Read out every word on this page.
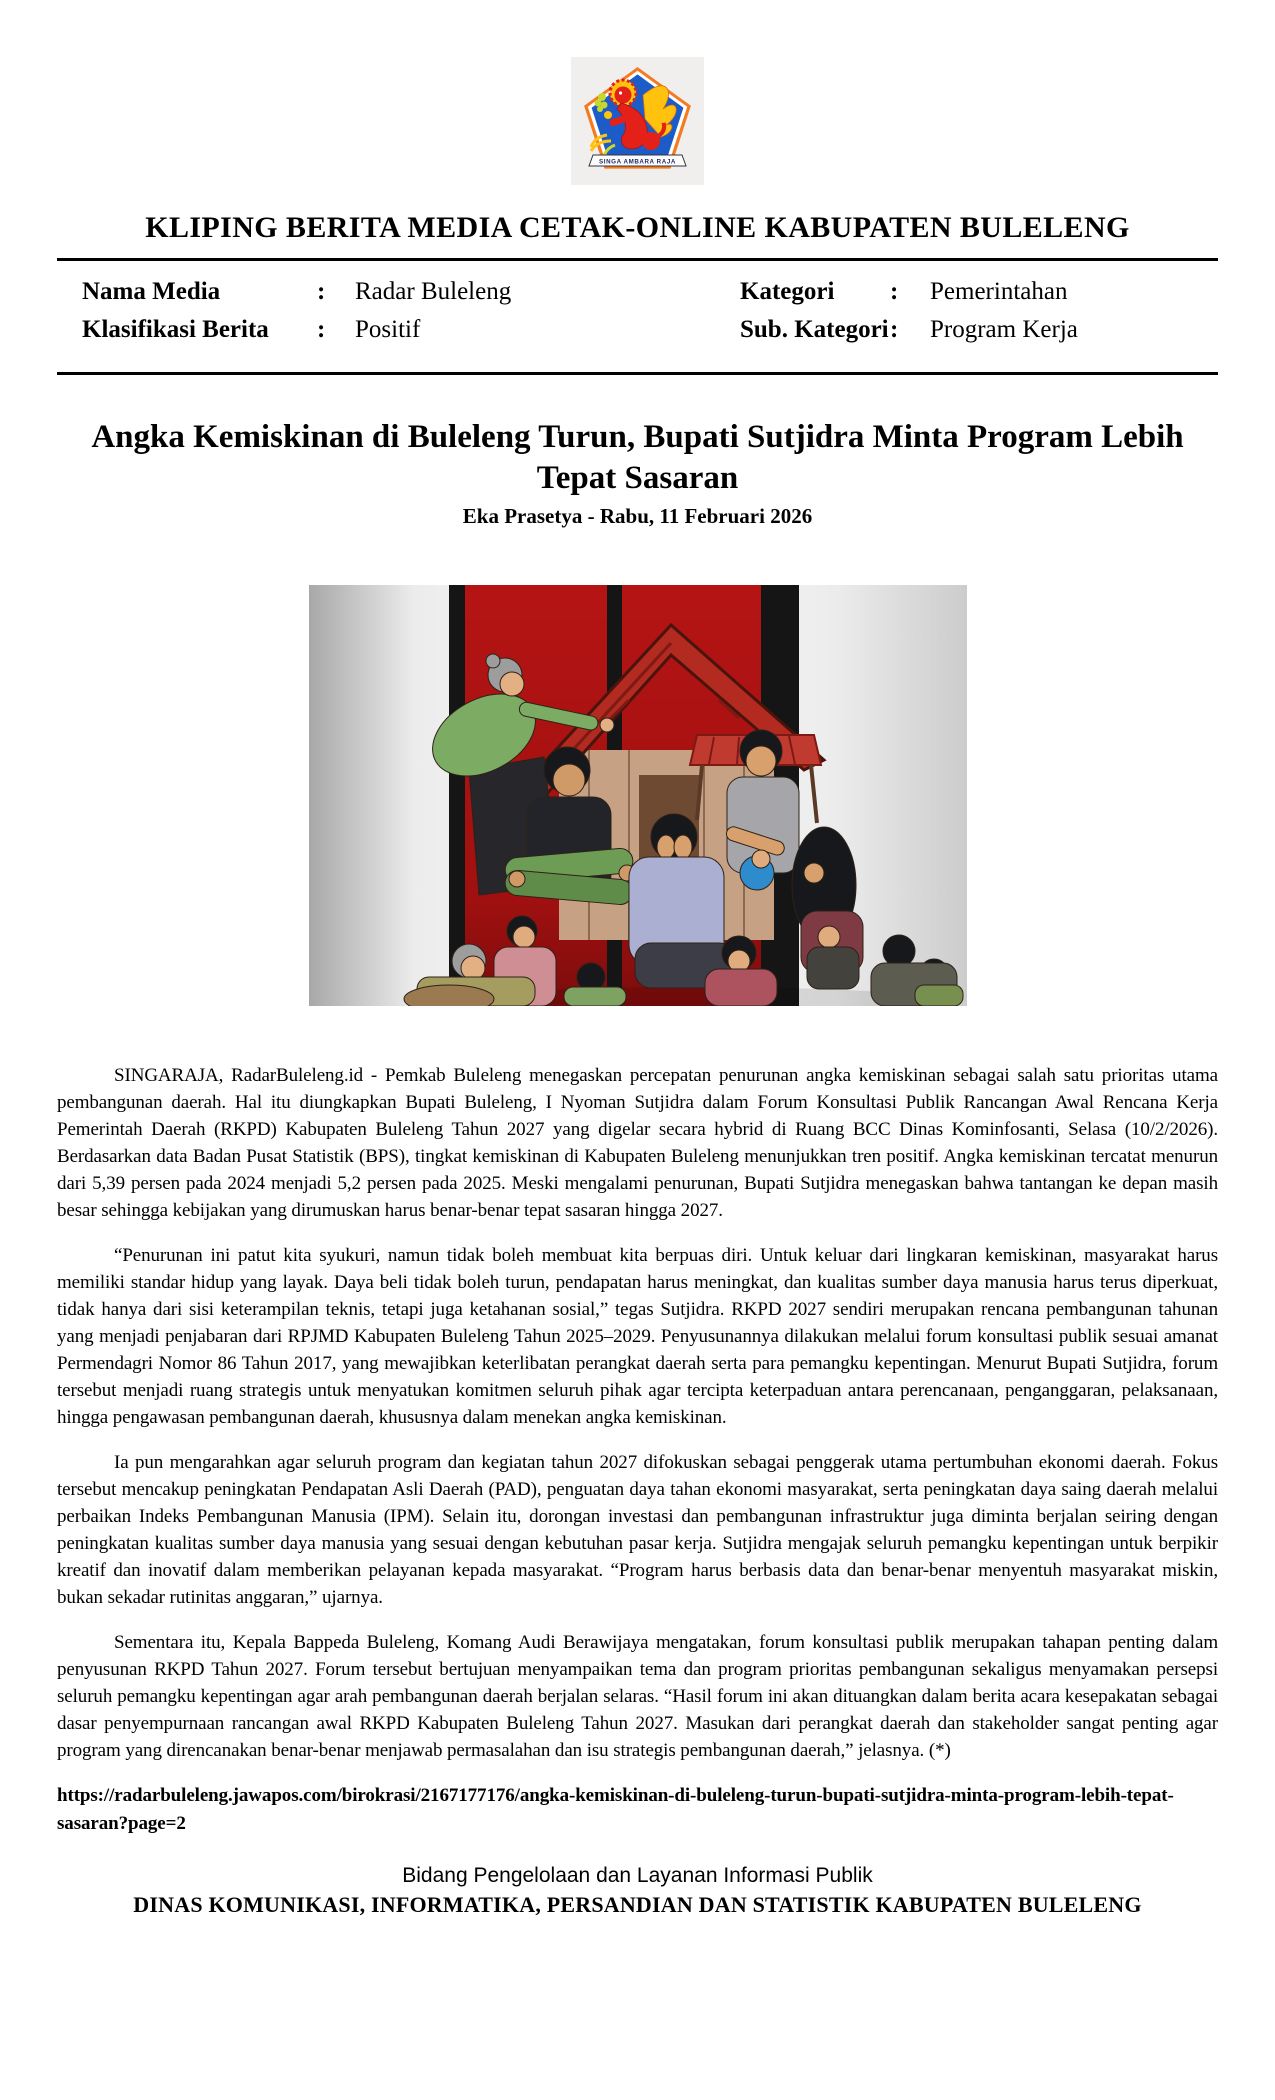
SINGA AMBARA RAJA
KLIPING BERITA MEDIA CETAK-ONLINE KABUPATEN BULELENG
Nama Media	:	Radar Buleleng	Kategori	:	Pemerintahan
Klasifikasi Berita	:	Positif	Sub. Kategori :	Program Kerja
Angka Kemiskinan di Buleleng Turun, Bupati Sutjidra Minta Program Lebih Tepat Sasaran
Eka Prasetya - Rabu, 11 Februari 2026

SINGARAJA, RadarBuleleng.id - Pemkab Buleleng menegaskan percepatan penurunan angka kemiskinan sebagai salah satu prioritas utama pembangunan daerah. Hal itu diungkapkan Bupati Buleleng, I Nyoman Sutjidra dalam Forum Konsultasi Publik Rancangan Awal Rencana Kerja Pemerintah Daerah (RKPD) Kabupaten Buleleng Tahun 2027 yang digelar secara hybrid di Ruang BCC Dinas Kominfosanti, Selasa (10/2/2026). Berdasarkan data Badan Pusat Statistik (BPS), tingkat kemiskinan di Kabupaten Buleleng menunjukkan tren positif. Angka kemiskinan tercatat menurun dari 5,39 persen pada 2024 menjadi 5,2 persen pada 2025. Meski mengalami penurunan, Bupati Sutjidra menegaskan bahwa tantangan ke depan masih besar sehingga kebijakan yang dirumuskan harus benar-benar tepat sasaran hingga 2027.

“Penurunan ini patut kita syukuri, namun tidak boleh membuat kita berpuas diri. Untuk keluar dari lingkaran kemiskinan, masyarakat harus memiliki standar hidup yang layak. Daya beli tidak boleh turun, pendapatan harus meningkat, dan kualitas sumber daya manusia harus terus diperkuat, tidak hanya dari sisi keterampilan teknis, tetapi juga ketahanan sosial,” tegas Sutjidra. RKPD 2027 sendiri merupakan rencana pembangunan tahunan yang menjadi penjabaran dari RPJMD Kabupaten Buleleng Tahun 2025–2029. Penyusunannya dilakukan melalui forum konsultasi publik sesuai amanat Permendagri Nomor 86 Tahun 2017, yang mewajibkan keterlibatan perangkat daerah serta para pemangku kepentingan. Menurut Bupati Sutjidra, forum tersebut menjadi ruang strategis untuk menyatukan komitmen seluruh pihak agar tercipta keterpaduan antara perencanaan, penganggaran, pelaksanaan, hingga pengawasan pembangunan daerah, khususnya dalam menekan angka kemiskinan.

Ia pun mengarahkan agar seluruh program dan kegiatan tahun 2027 difokuskan sebagai penggerak utama pertumbuhan ekonomi daerah. Fokus tersebut mencakup peningkatan Pendapatan Asli Daerah (PAD), penguatan daya tahan ekonomi masyarakat, serta peningkatan daya saing daerah melalui perbaikan Indeks Pembangunan Manusia (IPM). Selain itu, dorongan investasi dan pembangunan infrastruktur juga diminta berjalan seiring dengan peningkatan kualitas sumber daya manusia yang sesuai dengan kebutuhan pasar kerja. Sutjidra mengajak seluruh pemangku kepentingan untuk berpikir kreatif dan inovatif dalam memberikan pelayanan kepada masyarakat. “Program harus berbasis data dan benar-benar menyentuh masyarakat miskin, bukan sekadar rutinitas anggaran,” ujarnya.

Sementara itu, Kepala Bappeda Buleleng, Komang Audi Berawijaya mengatakan, forum konsultasi publik merupakan tahapan penting dalam penyusunan RKPD Tahun 2027. Forum tersebut bertujuan menyampaikan tema dan program prioritas pembangunan sekaligus menyamakan persepsi seluruh pemangku kepentingan agar arah pembangunan daerah berjalan selaras. “Hasil forum ini akan dituangkan dalam berita acara kesepakatan sebagai dasar penyempurnaan rancangan awal RKPD Kabupaten Buleleng Tahun 2027. Masukan dari perangkat daerah dan stakeholder sangat penting agar program yang direncanakan benar-benar menjawab permasalahan dan isu strategis pembangunan daerah,” jelasnya. (*)

https://radarbuleleng.jawapos.com/birokrasi/2167177176/angka-kemiskinan-di-buleleng-turun-bupati-sutjidra-minta-program-lebih-tepat-sasaran?page=2
Bidang Pengelolaan dan Layanan Informasi Publik
DINAS KOMUNIKASI, INFORMATIKA, PERSANDIAN DAN STATISTIK KABUPATEN BULELENG
